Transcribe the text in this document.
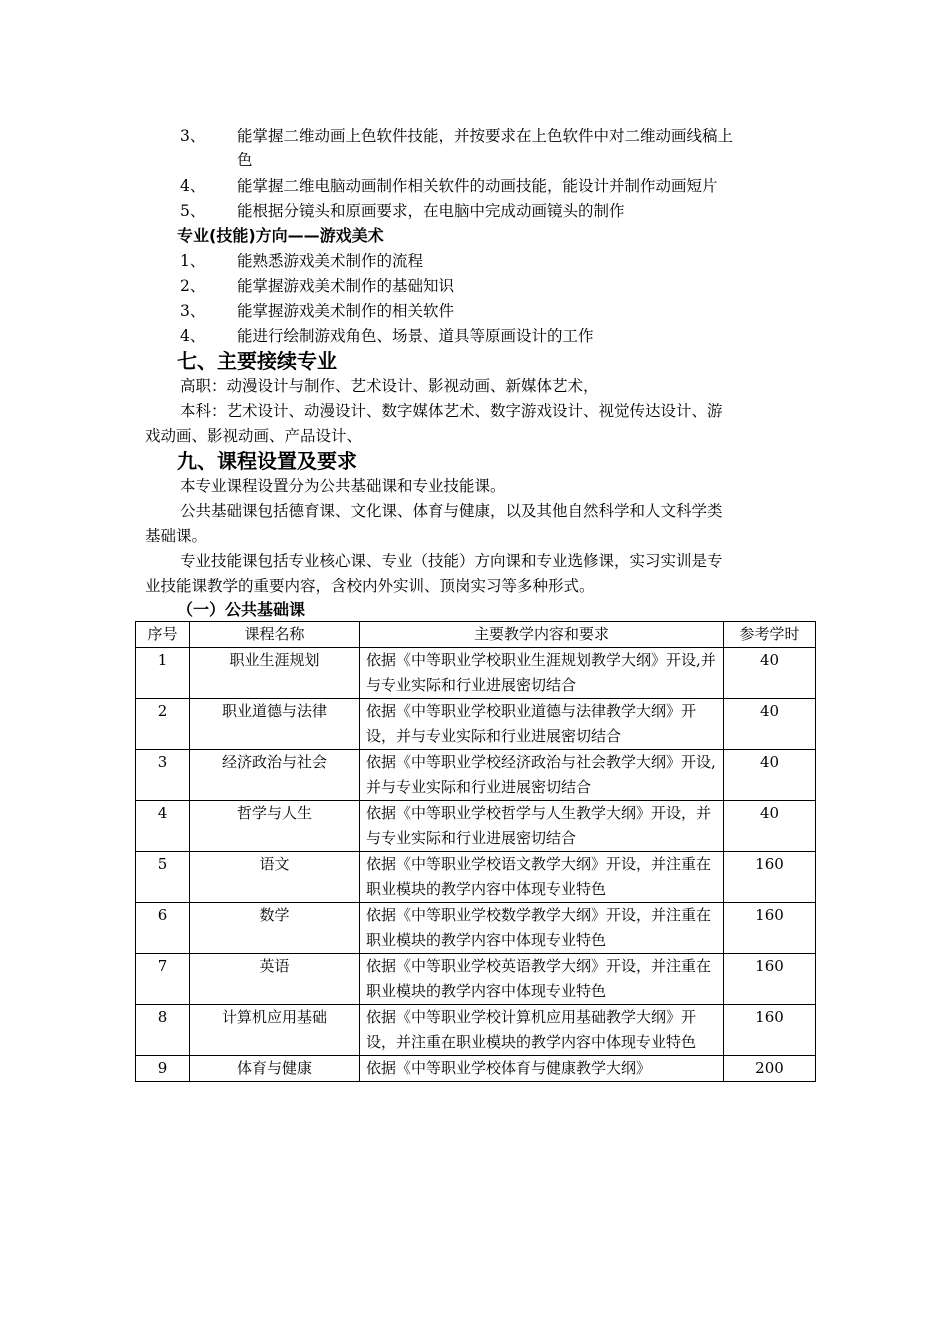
3、	能掌握二维动画上色软件技能，并按要求在上色软件中对二维动画线稿上
色
4、	能掌握二维电脑动画制作相关软件的动画技能，能设计并制作动画短片
5、	能根据分镜头和原画要求，在电脑中完成动画镜头的制作
专业(技能)方向——游戏美术
1、	能熟悉游戏美术制作的流程
2、	能掌握游戏美术制作的基础知识
3、	能掌握游戏美术制作的相关软件
4、	能进行绘制游戏角色、场景、道具等原画设计的工作
七、主要接续专业
高职：动漫设计与制作、艺术设计、影视动画、新媒体艺术，
本科：艺术设计、动漫设计、数字媒体艺术、数字游戏设计、视觉传达设计、游
戏动画、影视动画、产品设计、
九、课程设置及要求
本专业课程设置分为公共基础课和专业技能课。
公共基础课包括德育课、文化课、体育与健康，以及其他自然科学和人文科学类
基础课。
专业技能课包括专业核心课、专业（技能）方向课和专业选修课，实习实训是专
业技能课教学的重要内容，含校内外实训、顶岗实习等多种形式。
（一）公共基础课
序号	课程名称	主要教学内容和要求	参考学时
1	职业生涯规划	依据《中等职业学校职业生涯规划教学大纲》开设,并与专业实际和行业进展密切结合	40
2	职业道德与法律	依据《中等职业学校职业道德与法律教学大纲》开设，并与专业实际和行业进展密切结合	40
3	经济政治与社会	依据《中等职业学校经济政治与社会教学大纲》开设,并与专业实际和行业进展密切结合	40
4	哲学与人生	依据《中等职业学校哲学与人生教学大纲》开设，并与专业实际和行业进展密切结合	40
5	语文	依据《中等职业学校语文教学大纲》开设，并注重在职业模块的教学内容中体现专业特色	160
6	数学	依据《中等职业学校数学教学大纲》开设，并注重在职业模块的教学内容中体现专业特色	160
7	英语	依据《中等职业学校英语教学大纲》开设，并注重在职业模块的教学内容中体现专业特色	160
8	计算机应用基础	依据《中等职业学校计算机应用基础教学大纲》开设，并注重在职业模块的教学内容中体现专业特色	160
9	体育与健康	依据《中等职业学校体育与健康教学大纲》	200
